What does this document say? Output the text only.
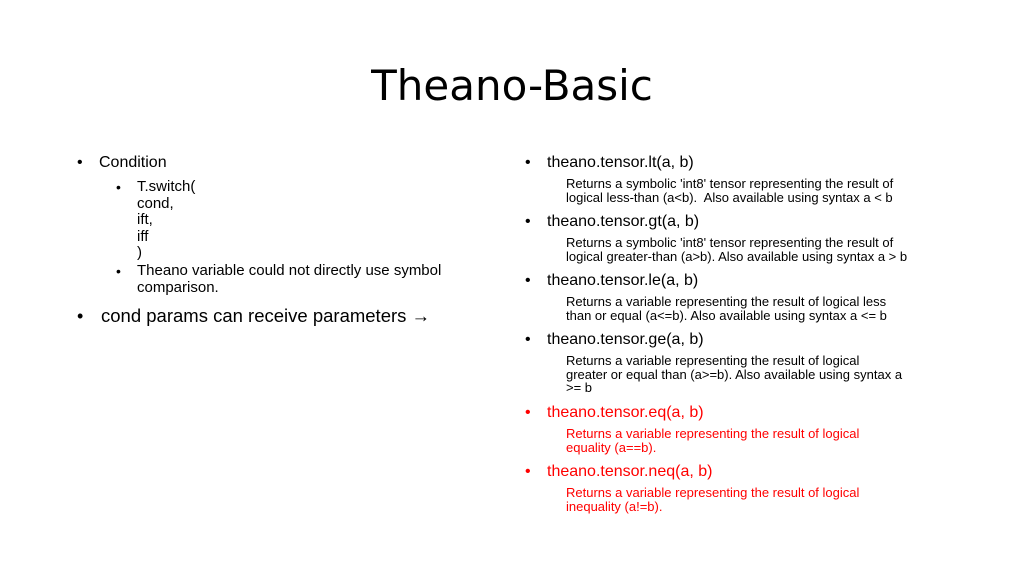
Theano-Basic
•	Condition
•	T.switch(
cond,
ift,
iff
)
•	Theano variable could not directly use symbol
comparison.
• cond params can receive parameters →
•	theano.tensor.lt(a, b)
Returns a symbolic 'int8' tensor representing the result of
logical less-than (a<b).  Also available using syntax a < b
•	theano.tensor.gt(a, b)
Returns a symbolic 'int8' tensor representing the result of
logical greater-than (a>b). Also available using syntax a > b
•	theano.tensor.le(a, b)
Returns a variable representing the result of logical less
than or equal (a<=b). Also available using syntax a <= b
•	theano.tensor.ge(a, b)
Returns a variable representing the result of logical
greater or equal than (a>=b). Also available using syntax a
>= b
•	theano.tensor.eq(a, b)
Returns a variable representing the result of logical
equality (a==b).
•	theano.tensor.neq(a, b)
Returns a variable representing the result of logical
inequality (a!=b).
